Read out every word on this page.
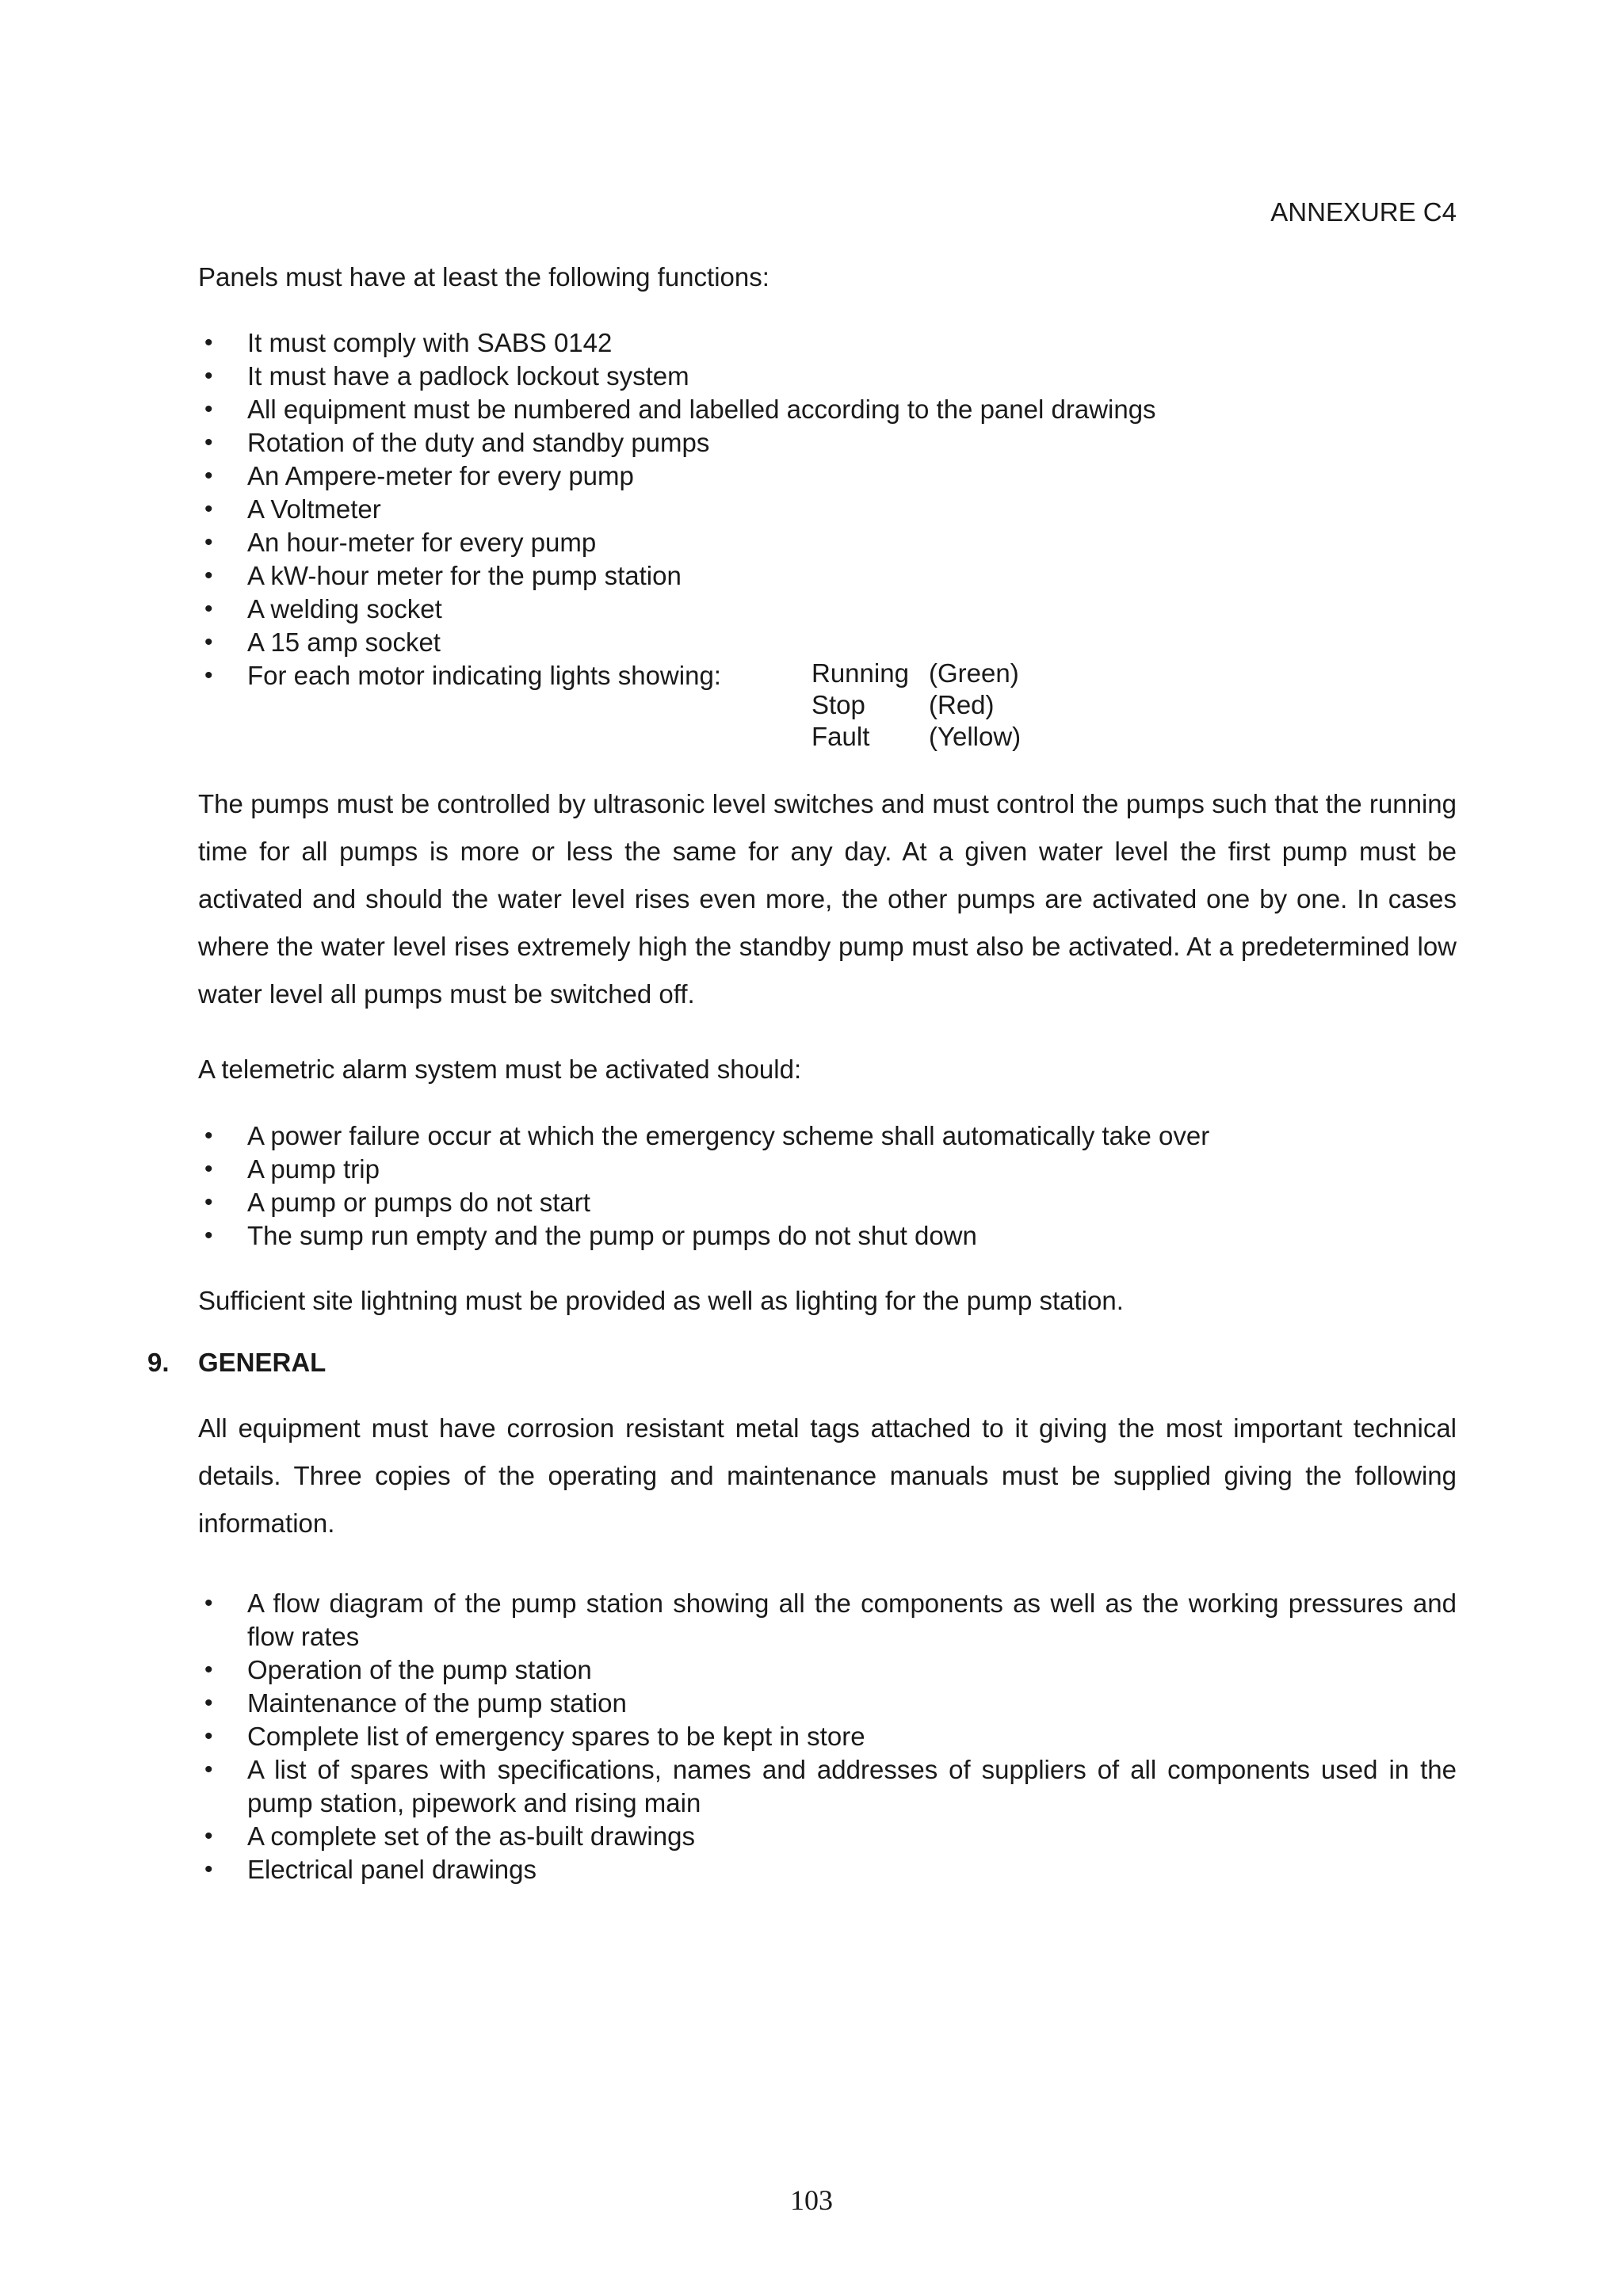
ANNEXURE C4
Panels must have at least the following functions:
• It must comply with SABS 0142
• It must have a padlock lockout system
• All equipment must be numbered and labelled according to the panel drawings
• Rotation of the duty and standby pumps
• An Ampere-meter for every pump
• A Voltmeter
• An hour-meter for every pump
• A kW-hour meter for the pump station
• A welding socket
• A 15 amp socket
• For each motor indicating lights showing:	Running (Green)
Stop (Red)
Fault (Yellow)
The pumps must be controlled by ultrasonic level switches and must control the pumps such that the running time for all pumps is more or less the same for any day. At a given water level the first pump must be activated and should the water level rises even more, the other pumps are activated one by one. In cases where the water level rises extremely high the standby pump must also be activated. At a predetermined low water level all pumps must be switched off.
A telemetric alarm system must be activated should:
• A power failure occur at which the emergency scheme shall automatically take over
• A pump trip
• A pump or pumps do not start
• The sump run empty and the pump or pumps do not shut down
Sufficient site lightning must be provided as well as lighting for the pump station.
9. GENERAL
All equipment must have corrosion resistant metal tags attached to it giving the most important technical details. Three copies of the operating and maintenance manuals must be supplied giving the following information.
• A flow diagram of the pump station showing all the components as well as the working pressures and flow rates
• Operation of the pump station
• Maintenance of the pump station
• Complete list of emergency spares to be kept in store
• A list of spares with specifications, names and addresses of suppliers of all components used in the pump station, pipework and rising main
• A complete set of the as-built drawings
• Electrical panel drawings
103
